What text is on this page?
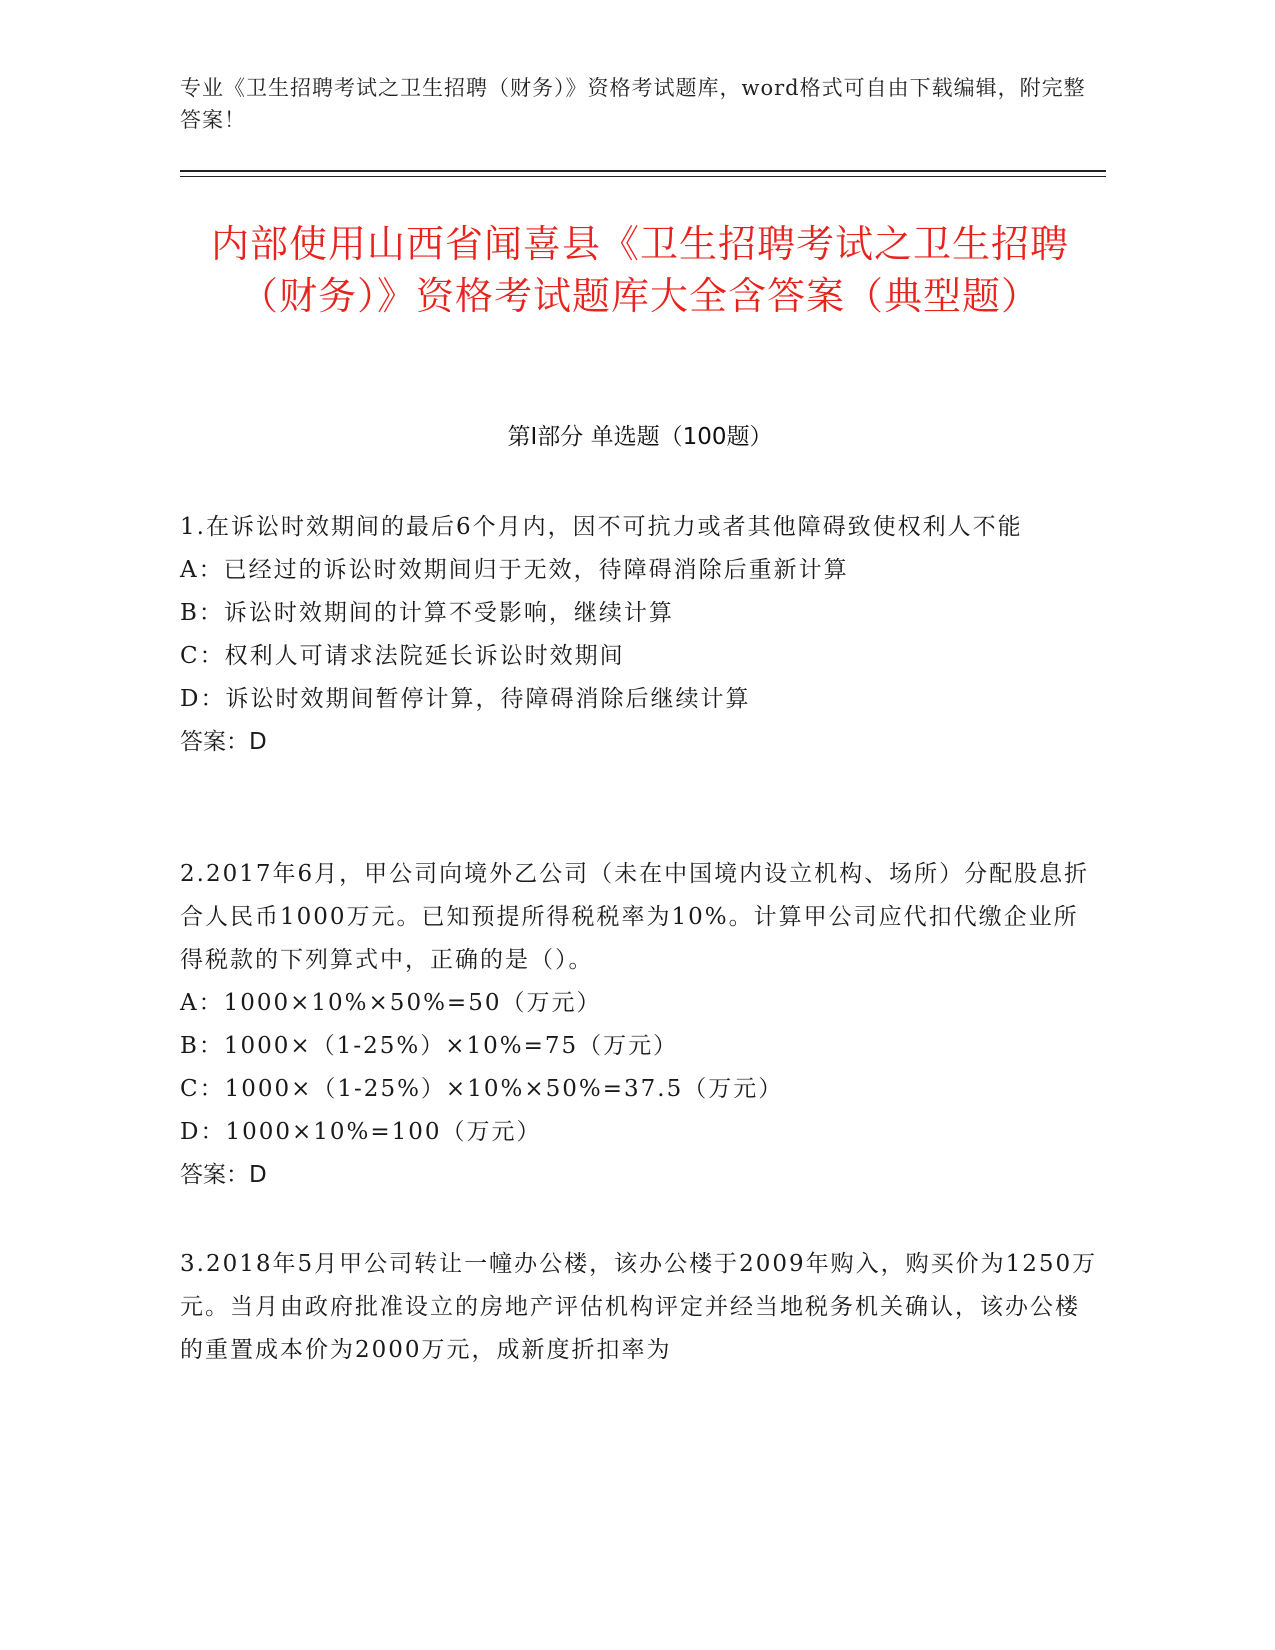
专业《卫生招聘考试之卫生招聘（财务）》资格考试题库，word格式可自由下载编辑，附完整答案！
内部使用山西省闻喜县《卫生招聘考试之卫生招聘（财务）》资格考试题库大全含答案（典型题）
第I部分 单选题（100题）

1.在诉讼时效期间的最后6个月内，因不可抗力或者其他障碍致使权利人不能

A：已经过的诉讼时效期间归于无效，待障碍消除后重新计算

B：诉讼时效期间的计算不受影响，继续计算

C：权利人可请求法院延长诉讼时效期间

D：诉讼时效期间暂停计算，待障碍消除后继续计算

答案：D

2.2017年6月，甲公司向境外乙公司（未在中国境内设立机构、场所）分配股息折合人民币1000万元。已知预提所得税税率为10%。计算甲公司应代扣代缴企业所得税款的下列算式中，正确的是（）。

A：1000×10%×50%=50（万元）

B：1000×（1-25%）×10%=75（万元）

C：1000×（1-25%）×10%×50%=37.5（万元）

D：1000×10%=100（万元）

答案：D

3.2018年5月甲公司转让一幢办公楼，该办公楼于2009年购入，购买价为1250万元。当月由政府批准设立的房地产评估机构评定并经当地税务机关确认，该办公楼的重置成本价为2000万元，成新度折扣率为
